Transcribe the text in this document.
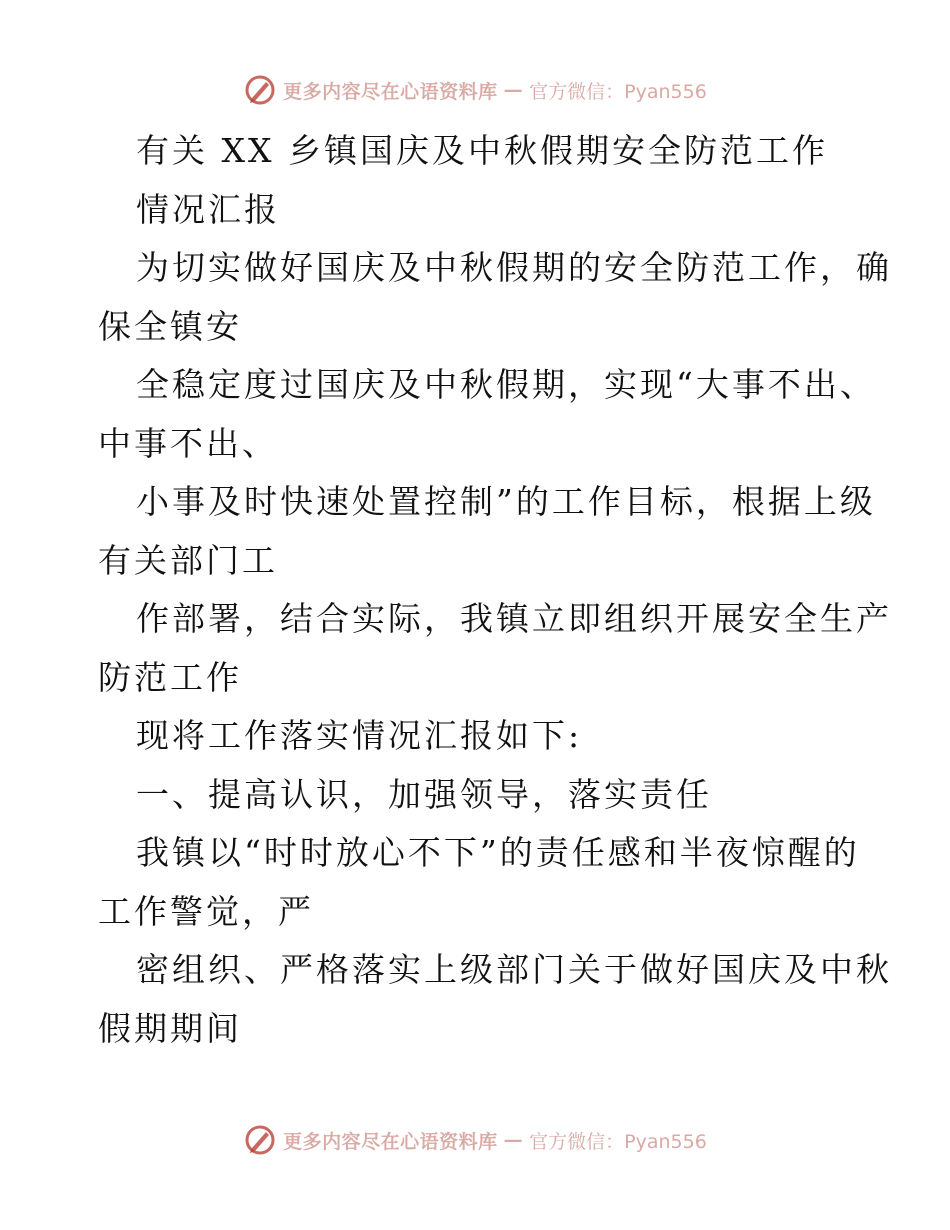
更多内容尽在心语资料库 — 官方微信：Pyan556
有关 XX 乡镇国庆及中秋假期安全防范工作
情况汇报
为切实做好国庆及中秋假期的安全防范工作，确
保全镇安
全稳定度过国庆及中秋假期，实现“大事不出、
中事不出、
小事及时快速处置控制”的工作目标，根据上级
有关部门工
作部署，结合实际，我镇立即组织开展安全生产
防范工作
现将工作落实情况汇报如下:
一、提高认识，加强领导，落实责任
我镇以“时时放心不下”的责任感和半夜惊醒的
工作警觉，严
密组织、严格落实上级部门关于做好国庆及中秋
假期期间
更多内容尽在心语资料库 — 官方微信：Pyan556
